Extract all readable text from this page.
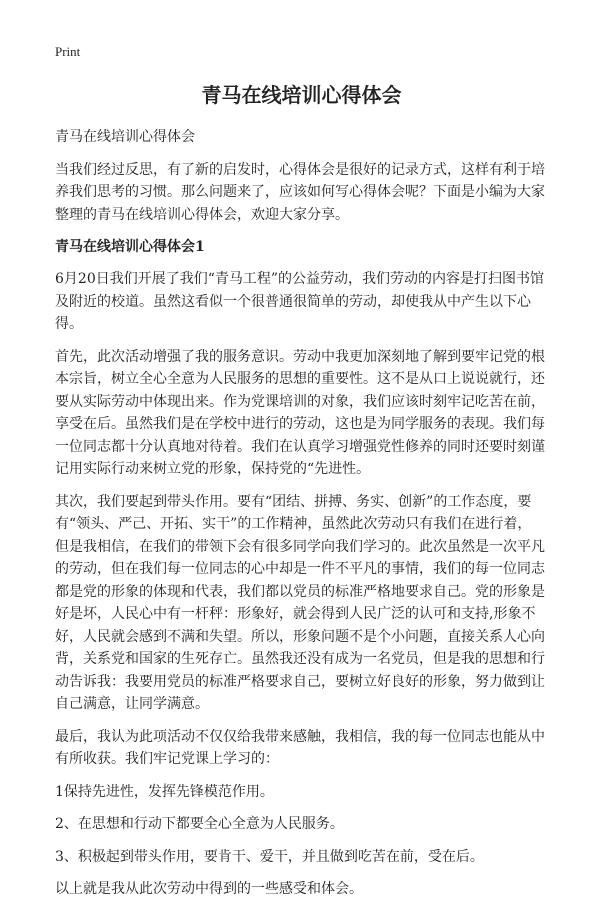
Print
青马在线培训心得体会

青马在线培训心得体会

当我们经过反思，有了新的启发时，心得体会是很好的记录方式，这样有利于培养我们思考的习惯。那么问题来了，应该如何写心得体会呢？下面是小编为大家整理的青马在线培训心得体会，欢迎大家分享。

青马在线培训心得体会1

6月20日我们开展了我们“青马工程”的公益劳动，我们劳动的内容是打扫图书馆及附近的校道。虽然这看似一个很普通很简单的劳动，却使我从中产生以下心得。

首先，此次活动增强了我的服务意识。劳动中我更加深刻地了解到要牢记党的根本宗旨，树立全心全意为人民服务的思想的重要性。这不是从口上说说就行，还要从实际劳动中体现出来。作为党课培训的对象，我们应该时刻牢记吃苦在前，享受在后。虽然我们是在学校中进行的劳动，这也是为同学服务的表现。我们每一位同志都十分认真地对待着。我们在认真学习增强党性修养的同时还要时刻谨记用实际行动来树立党的形象，保持党的“先进性。

其次，我们要起到带头作用。要有“团结、拼搏、务实、创新”的工作态度，要有“领头、严己、开拓、实干”的工作精神，虽然此次劳动只有我们在进行着，但是我相信，在我们的带领下会有很多同学向我们学习的。此次虽然是一次平凡的劳动，但在我们每一位同志的心中却是一件不平凡的事情，我们的每一位同志都是党的形象的体现和代表，我们都以党员的标准严格地要求自己。党的形象是好是坏，人民心中有一杆秤：形象好，就会得到人民广泛的认可和支持,形象不好，人民就会感到不满和失望。所以，形象问题不是个小问题，直接关系人心向背，关系党和国家的生死存亡。虽然我还没有成为一名党员，但是我的思想和行动告诉我：我要用党员的标准严格要求自己，要树立好良好的形象，努力做到让自己满意，让同学满意。

最后，我认为此项活动不仅仅给我带来感触，我相信，我的每一位同志也能从中有所收获。我们牢记党课上学习的：

1保持先进性，发挥先锋模范作用。

2、在思想和行动下都要全心全意为人民服务。

3、积极起到带头作用，要肯干、爱干，并且做到吃苦在前，受在后。

以上就是我从此次劳动中得到的一些感受和体会。
